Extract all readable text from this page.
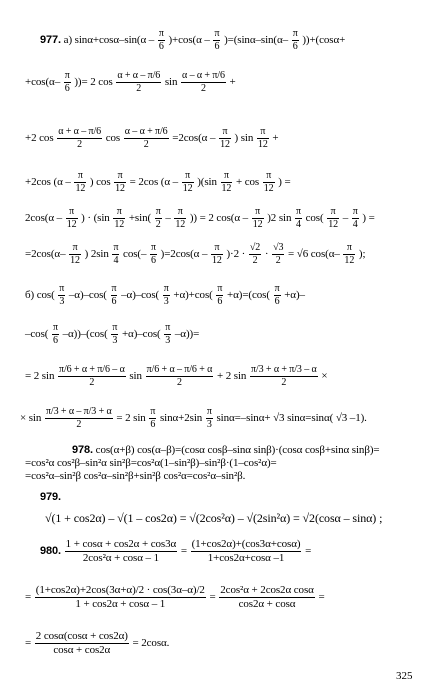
977. а) $\sin\alpha+\cos\alpha-\sin(\alpha - \frac{\pi}{6} )+\cos(\alpha - \frac{\pi}{6} )=(\sin\alpha-\sin(\alpha- \frac{\pi}{6} ))+(\cos\alpha+$
$+\cos(\alpha- \frac{\pi}{6}$ ))= 2 $\cos \frac{\alpha + \alpha - \pi/6}{2}$ $\sin \frac{\alpha - \alpha + \pi/6}{2}$ +
+2 $\cos \frac{\alpha + \alpha - \pi/6}{2}$ $\cos \frac{\alpha - \alpha + \pi/6}{2} =2\cos(\alpha - \frac{\pi}{12}$ ) $\sin \frac{\pi}{12}$ +
+2cos ($\alpha - \frac{\pi}{12}$ ) $\cos \frac{\pi}{12} = 2\cos$ $(\alpha - \frac{\pi}{12} )(\sin \frac{\pi}{12} + \cos \frac{\pi}{12}$ ) =
$2\cos(\alpha - \frac{\pi}{12}$ ) · ($\sin \frac{\pi}{12} +\sin( \frac{\pi}{2} - \frac{\pi}{12}$ )) = 2 $\cos(\alpha - \frac{\pi}{12} )2$ $\sin \frac{\pi}{4} \cos( \frac{\pi}{12} - \frac{\pi}{4}$ ) =
$=2\cos(\alpha- \frac{\pi}{12}$ ) $2\sin \frac{\pi}{4} \cos(- \frac{\pi}{6} )=2\cos(\alpha - \frac{\pi}{12} )\cdot 2 \cdot \frac{√2}{2} \cdot \frac{√3}{2} = √6$ $\cos(\alpha- \frac{\pi}{12}$ );
б) $\cos( \frac{\pi}{3} -\alpha)-\cos( \frac{\pi}{6} -\alpha)-\cos( \frac{\pi}{3} +\alpha)+\cos( \frac{\pi}{6} +\alpha)=(\cos( \frac{\pi}{6} +\alpha)-$
$-\cos( \frac{\pi}{6} -\alpha))-(\cos( \frac{\pi}{3} +\alpha)-\cos( \frac{\pi}{3} -\alpha))=$
= 2 $\sin \frac{\pi/6 + \alpha + \pi/6 - \alpha}{2}$ $\sin \frac{\pi/6 + \alpha - \pi/6 + \alpha}{2} + 2$ $\sin \frac{\pi/3 + \alpha + \pi/3 - \alpha}{2}$ ×
× $\sin \frac{\pi/3 + \alpha - \pi/3 + \alpha}{2} = 2$ $\sin \frac{\pi}{6} \sin\alpha+2\sin \frac{\pi}{3} \sin\alpha=-\sin\alpha+ √3$ sinα=sinα( √3 –1).
978. cos(α+β) cos(α–β)=(cosα cosβ–sinα sinβ)·(cosα cosβ+sinα sinβ)=
=cos²α cos²β–sin²α sin²β=cos²α(1–sin²β)–sin²β·(1–cos²α)=
=cos²α–sin²β cos²α–sin²β+sin²β cos²α=cos²α–sin²β.
979.
√(1 + cos2α) – √(1 – cos2α) = √(2cos²α) – √(2sin²α) = √2(cosα – sinα) ;
980. $\frac{1 + \cos\alpha + \cos 2\alpha + \cos 3\alpha}{\text{2cos²α + cosα – 1}} = \frac{(1+\cos 2\alpha)+(\cos 3\alpha+\cos\alpha)}{1+\cos 2\alpha+\cos\alpha -1}$ =
= $\frac{(1+\cos 2\alpha)+2\cos(3\alpha+\alpha)/2 \cdot \cos(3\alpha-\alpha)/2}{1 + \cos 2\alpha + \cos\alpha - 1} = \frac{\text{2cos²α + 2cos2α cosα}}{\cos 2\alpha + \cos\alpha}$ =
= $\frac{2 \cos\alpha(\cos\alpha + \cos 2\alpha)}{\cos\alpha + \cos 2\alpha} = 2\cos\alpha$.
325
